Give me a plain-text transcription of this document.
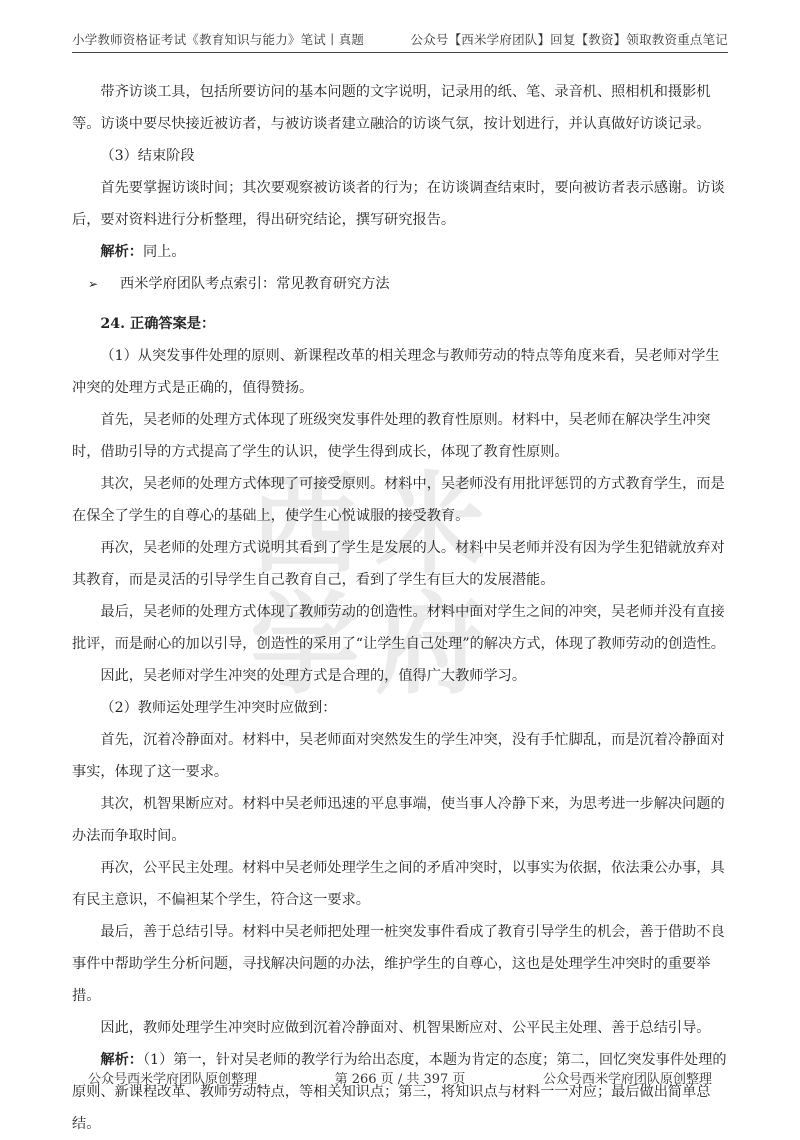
西 米
学 府
小学教师资格证考试《教育知识与能力》笔试丨真题	公众号【西米学府团队】回复【教资】领取教资重点笔记

带齐访谈工具，包括所要访问的基本问题的文字说明，记录用的纸、笔、录音机、照相机和摄影机等。访谈中要尽快接近被访者，与被访谈者建立融洽的访谈气氛，按计划进行，并认真做好访谈记录。

（3）结束阶段

首先要掌握访谈时间；其次要观察被访谈者的行为；在访谈调查结束时，要向被访者表示感谢。访谈后，要对资料进行分析整理，得出研究结论，撰写研究报告。

解析：同上。

➢ 西米学府团队考点索引：常见教育研究方法

24. 正确答案是：

（1）从突发事件处理的原则、新课程改革的相关理念与教师劳动的特点等角度来看，吴老师对学生冲突的处理方式是正确的，值得赞扬。

首先，吴老师的处理方式体现了班级突发事件处理的教育性原则。材料中，吴老师在解决学生冲突时，借助引导的方式提高了学生的认识，使学生得到成长，体现了教育性原则。

其次，吴老师的处理方式体现了可接受原则。材料中，吴老师没有用批评惩罚的方式教育学生，而是在保全了学生的自尊心的基础上，使学生心悦诚服的接受教育。

再次，吴老师的处理方式说明其看到了学生是发展的人。材料中吴老师并没有因为学生犯错就放弃对其教育，而是灵活的引导学生自己教育自己，看到了学生有巨大的发展潜能。

最后，吴老师的处理方式体现了教师劳动的创造性。材料中面对学生之间的冲突，吴老师并没有直接批评，而是耐心的加以引导，创造性的采用了“让学生自己处理”的解决方式，体现了教师劳动的创造性。

因此，吴老师对学生冲突的处理方式是合理的，值得广大教师学习。

（2）教师运处理学生冲突时应做到：

首先，沉着冷静面对。材料中，吴老师面对突然发生的学生冲突，没有手忙脚乱，而是沉着冷静面对事实，体现了这一要求。

其次，机智果断应对。材料中吴老师迅速的平息事端，使当事人冷静下来，为思考进一步解决问题的办法而争取时间。

再次，公平民主处理。材料中吴老师处理学生之间的矛盾冲突时，以事实为依据，依法秉公办事，具有民主意识，不偏袒某个学生，符合这一要求。

最后，善于总结引导。材料中吴老师把处理一桩突发事件看成了教育引导学生的机会，善于借助不良事件中帮助学生分析问题，寻找解决问题的办法，维护学生的自尊心，这也是处理学生冲突时的重要举措。

因此，教师处理学生冲突时应做到沉着冷静面对、机智果断应对、公平民主处理、善于总结引导。

解析：（1）第一，针对吴老师的教学行为给出态度，本题为肯定的态度；第二，回忆突发事件处理的原则、新课程改革、教师劳动特点，等相关知识点；第三，将知识点与材料一一对应；最后做出简单总结。

公众号西米学府团队原创整理	第 266 页 / 共 397 页	公众号西米学府团队原创整理
